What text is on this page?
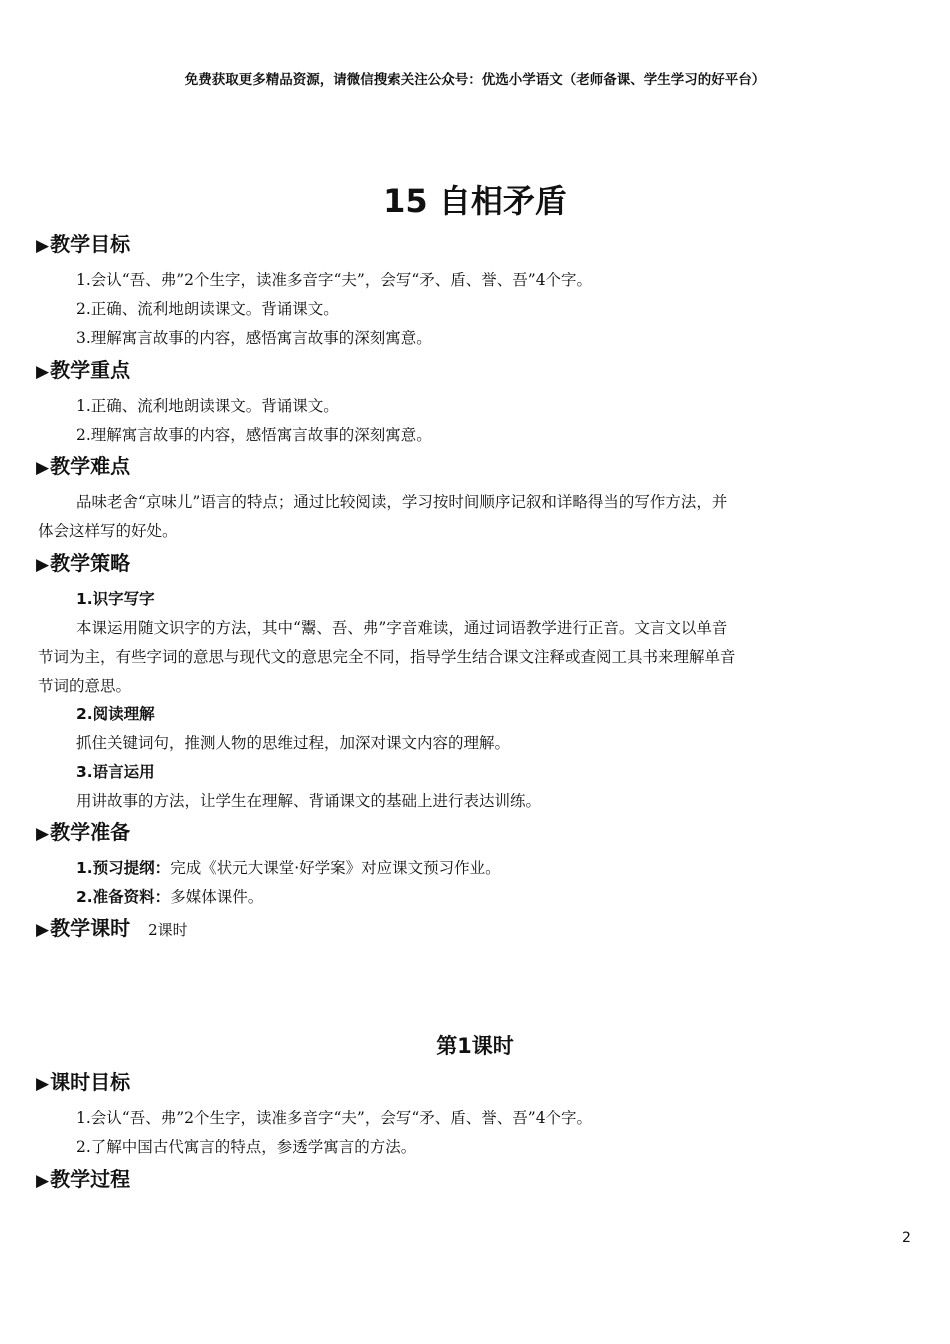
免费获取更多精品资源，请微信搜索关注公众号：优选小学语文（老师备课、学生学习的好平台）
15 自相矛盾
▶教学目标
1.会认“吾、弗”2个生字，读准多音字“夫”，会写“矛、盾、誉、吾”4个字。
2.正确、流利地朗读课文。背诵课文。
3.理解寓言故事的内容，感悟寓言故事的深刻寓意。
▶教学重点
1.正确、流利地朗读课文。背诵课文。
2.理解寓言故事的内容，感悟寓言故事的深刻寓意。
▶教学难点
品味老舍“京味儿”语言的特点；通过比较阅读，学习按时间顺序记叙和详略得当的写作方法，并
体会这样写的好处。
▶教学策略
1.识字写字
本课运用随文识字的方法，其中“鬻、吾、弗”字音难读，通过词语教学进行正音。文言文以单音
节词为主，有些字词的意思与现代文的意思完全不同，指导学生结合课文注释或查阅工具书来理解单音
节词的意思。
2.阅读理解
抓住关键词句，推测人物的思维过程，加深对课文内容的理解。
3.语言运用
用讲故事的方法，让学生在理解、背诵课文的基础上进行表达训练。
▶教学准备
1.预习提纲：完成《状元大课堂·好学案》对应课文预习作业。
2.准备资料：多媒体课件。
▶教学课时 2课时
第1课时
▶课时目标
1.会认“吾、弗”2个生字，读准多音字“夫”，会写“矛、盾、誉、吾”4个字。
2.了解中国古代寓言的特点，参透学寓言的方法。
▶教学过程
2
